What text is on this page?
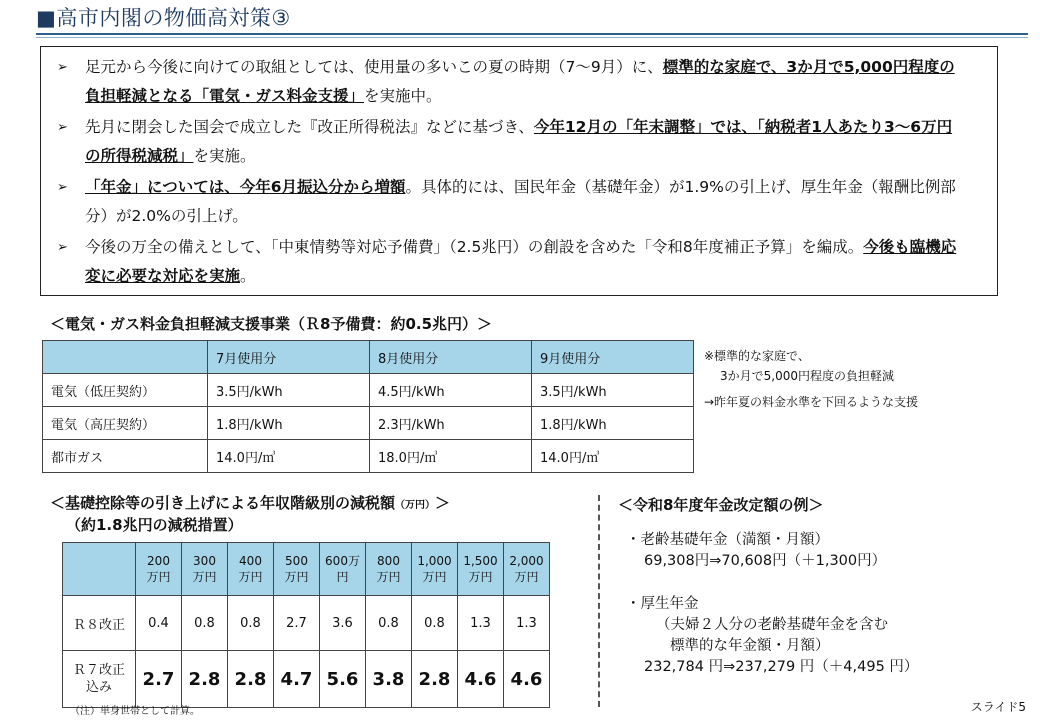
■高市内閣の物価高対策③
➢	足元から今後に向けての取組としては、使用量の多いこの夏の時期（7～9月）に、標準的な家庭で、3か月で5,000円程度の負担軽減となる「電気・ガス料金支援」を実施中。
➢	先月に閉会した国会で成立した『改正所得税法』などに基づき、今年12月の「年末調整」では、「納税者1人あたり3～6万円の所得税減税」を実施。
➢	「年金」については、今年6月振込分から増額。具体的には、国民年金（基礎年金）が1.9%の引上げ、厚生年金（報酬比例部分）が2.0%の引上げ。
➢	今後の万全の備えとして、「中東情勢等対応予備費」（2.5兆円）の創設を含めた「令和8年度補正予算」を編成。今後も臨機応変に必要な対応を実施。
＜電気・ガス料金負担軽減支援事業（Ｒ8予備費：約0.5兆円）＞
	7月使用分	8月使用分	9月使用分
電気（低圧契約）	3.5円/kWh	4.5円/kWh	3.5円/kWh
電気（高圧契約）	1.8円/kWh	2.3円/kWh	1.8円/kWh
都市ガス	14.0円/㎥	18.0円/㎥	14.0円/㎥
※標準的な家庭で、
3か月で5,000円程度の負担軽減
→昨年夏の料金水準を下回るような支援
＜基礎控除等の引き上げによる年収階級別の減税額（万円）＞
（約1.8兆円の減税措置）
	200
万円	300
万円	400
万円	500
万円	600万
円	800
万円	1,000
万円	1,500
万円	2,000
万円
Ｒ８改正	0.4	0.8	0.8	2.7	3.6	0.8	0.8	1.3	1.3
Ｒ７改正
込み	2.7	2.8	2.8	4.7	5.6	3.8	2.8	4.6	4.6
（注）単身世帯として計算。
＜令和8年度年金改定額の例＞
・老齢基礎年金（満額・月額）
69,308円⇒70,608円（＋1,300円）
・厚生年金
（夫婦２人分の老齢基礎年金を含む
標準的な年金額・月額）
232,784 円⇒237,279 円（＋4,495 円）
スライド5
